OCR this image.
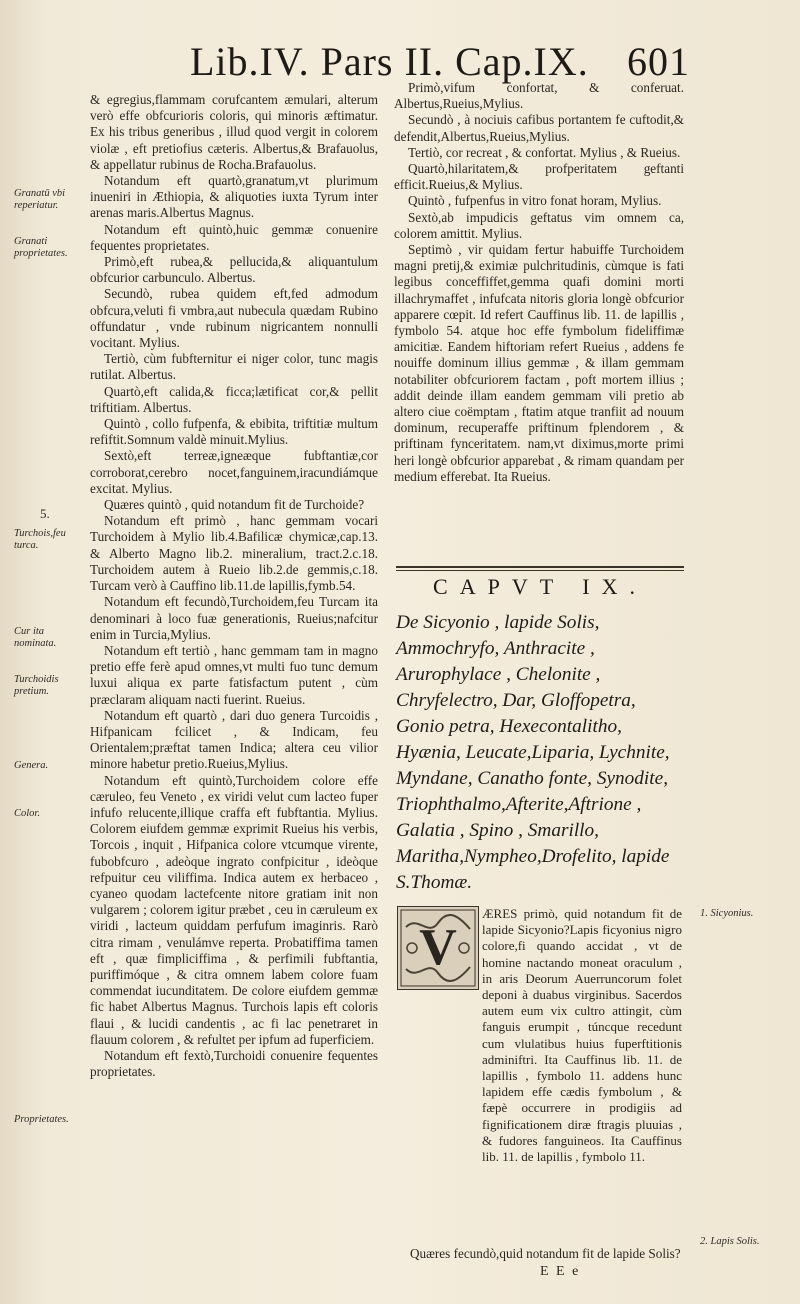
Lib.IV. Pars II. Cap.IX. 601
Granatū vbi reperiatur.
Granati proprietates.
5.
Turchois,feu turca.
Cur ita nominata.
Turchoidis pretium.
Genera.
Color.
Proprietates.

& egregius,flammam corufcantem æmulari, alterum verò effe obfcurioris coloris, qui minoris æftimatur. Ex his tribus generibus , illud quod vergit in colorem violæ , eft pretiofius cæteris. Albertus,& Brafauolus, & appellatur rubinus de Rocha.Brafauolus.

Notandum eft quartò,granatum,vt plurimum inueniri in Æthiopia, & aliquoties iuxta Tyrum inter arenas maris.Albertus Magnus.

Notandum eft quintò,huic gemmæ conuenire fequentes proprietates.

Primò,eft rubea,& pellucida,& aliquantulum obfcurior carbunculo. Albertus.

Secundò, rubea quidem eft,fed admodum obfcura,veluti fi vmbra,aut nubecula quædam Rubino offundatur , vnde rubinum nigricantem nonnulli vocitant. Mylius.

Tertiò, cùm fubfternitur ei niger color, tunc magis rutilat. Albertus.

Quartò,eft calida,& ficca;lætificat cor,& pellit triftitiam. Albertus.

Quintò , collo fufpenfa, & ebibita, triftitiæ multum refiftit.Somnum valdè minuit.Mylius.

Sextò,eft terreæ,igneæque fubftantiæ,cor corroborat,cerebro nocet,fanguinem,iracundiámque excitat. Mylius.

Quæres quintò , quid notandum fit de Turchoide?

Notandum eft primò , hanc gemmam vocari Turchoidem à Mylio lib.4.Bafilicæ chymicæ,cap.13. & Alberto Magno lib.2. mineralium, tract.2.c.18. Turchoidem autem à Rueio lib.2.de gemmis,c.18. Turcam verò à Cauffino lib.11.de lapillis,fymb.54.

Notandum eft fecundò,Turchoidem,feu Turcam ita denominari à loco fuæ generationis, Rueius;nafcitur enim in Turcia,Mylius.

Notandum eft tertiò , hanc gemmam tam in magno pretio effe ferè apud omnes,vt multi fuo tunc demum luxui aliqua ex parte fatisfactum putent , cùm præclaram aliquam nacti fuerint. Rueius.

Notandum eft quartò , dari duo genera Turcoidis , Hifpanicam fcilicet , & Indicam, feu Orientalem;præftat tamen Indica; altera ceu vilior minore habetur pretio.Rueius,Mylius.

Notandum eft quintò,Turchoidem colore effe cæruleo, feu Veneto , ex viridi velut cum lacteo fuper infufo relucente,illique craffa eft fubftantia. Mylius. Colorem eiufdem gemmæ exprimit Rueius his verbis, Torcois , inquit , Hifpanica colore vtcumque virente, fubobfcuro , adeòque ingrato confpicitur , ideòque refpuitur ceu viliffima. Indica autem ex herbaceo , cyaneo quodam lactefcente nitore gratiam init non vulgarem ; colorem igitur præbet , ceu in cæruleum ex viridi , lacteum quiddam perfufum imaginris. Rarò citra rimam , venulámve reperta. Probatiffima tamen eft , quæ fimpliciffima , & perfimili fubftantia, puriffimóque , & citra omnem labem colore fuam commendat iucunditatem. De colore eiufdem gemmæ fic habet Albertus Magnus. Turchois lapis eft coloris flaui , & lucidi candentis , ac fi lac penetraret in flauum colorem , & refultet per ipfum ad fuperficiem.

Notandum eft fextò,Turchoidi conuenire fequentes proprietates.

Primò,vifum confortat, & conferuat. Albertus,Rueius,Mylius.

Secundò , à nociuis cafibus portantem fe cuftodit,& defendit,Albertus,Rueius,Mylius.

Tertiò, cor recreat , & confortat. Mylius , & Rueius.

Quartò,hilaritatem,& profperitatem geftanti efficit.Rueius,& Mylius.

Quintò , fufpenfus in vitro fonat horam, Mylius.

Sextò,ab impudicis geftatus vim omnem ca, colorem amittit. Mylius.

Septimò , vir quidam fertur habuiffe Turchoidem magni pretij,& eximiæ pulchritudinis, cùmque is fati legibus conceffiffet,gemma quafi domini morti illachrymaffet , infufcata nitoris gloria longè obfcurior apparere cœpit. Id refert Cauffinus lib. 11. de lapillis , fymbolo 54. atque hoc effe fymbolum fideliffimæ amicitiæ. Eandem hiftoriam refert Rueius , addens fe nouiffe dominum illius gemmæ , & illam gemmam notabiliter obfcuriorem factam , poft mortem illius ; addit deinde illam eandem gemmam vili pretio ab altero ciue coëmptam , ftatim atque tranfiit ad nouum dominum, recuperaffe priftinum fplendorem , & priftinam fynceritatem. nam,vt diximus,morte primi heri longè obfcurior apparebat , & rimam quandam per medium efferebat. Ita Rueius.

CAPVT IX.
De Sicyonio , lapide Solis, Ammochryfo, Anthracite , Arurophylace , Chelonite , Chryfelectro, Dar, Gloffopetra, Gonio petra, Hexecontalitho, Hyænia, Leucate,Liparia, Lychnite, Myndane, Canatho fonte, Synodite, Triophthalmo,Afterite,Aftrione , Galatia , Spino , Smarillo, Maritha,Nympheo,Drofelito, lapide S.Thomæ.
V

ÆRES primò, quid notandum fit de lapide Sicyonio?Lapis ficyonius nigro colore,fi quando accidat , vt de homine nactando moneat oraculum , in aris Deorum Auerruncorum folet deponi à duabus virginibus. Sacerdos autem eum vix cultro attingit, cùm fanguis erumpit , túncque recedunt cum vlulatibus huius fuperftitionis adminiftri. Ita Cauffinus lib. 11. de lapillis , fymbolo 11. addens hunc lapidem effe cædis fymbolum , & fæpè occurrere in prodigiis ad fignificationem diræ ftragis pluuias , & fudores fanguineos. Ita Cauffinus lib. 11. de lapillis , fymbolo 11.

Quæres fecundò,quid notandum fit de lapide Solis?

1. Sicyonius.
2. Lapis Solis.
E E e
